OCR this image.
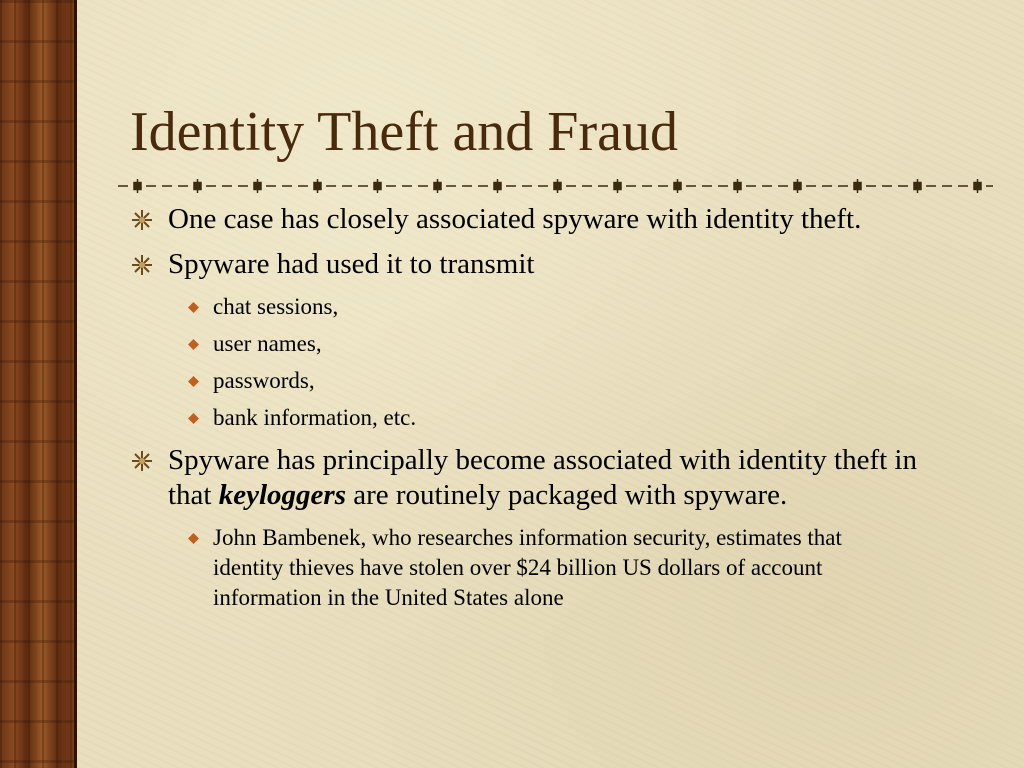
Identity Theft and Fraud
One case has closely associated spyware with identity theft.
Spyware had used it to transmit
chat sessions,
user names,
passwords,
bank information, etc.
Spyware has principally become associated with identity theft in that keyloggers are routinely packaged with spyware.
John Bambenek, who researches information security, estimates that identity thieves have stolen over $24 billion US dollars of account information in the United States alone
